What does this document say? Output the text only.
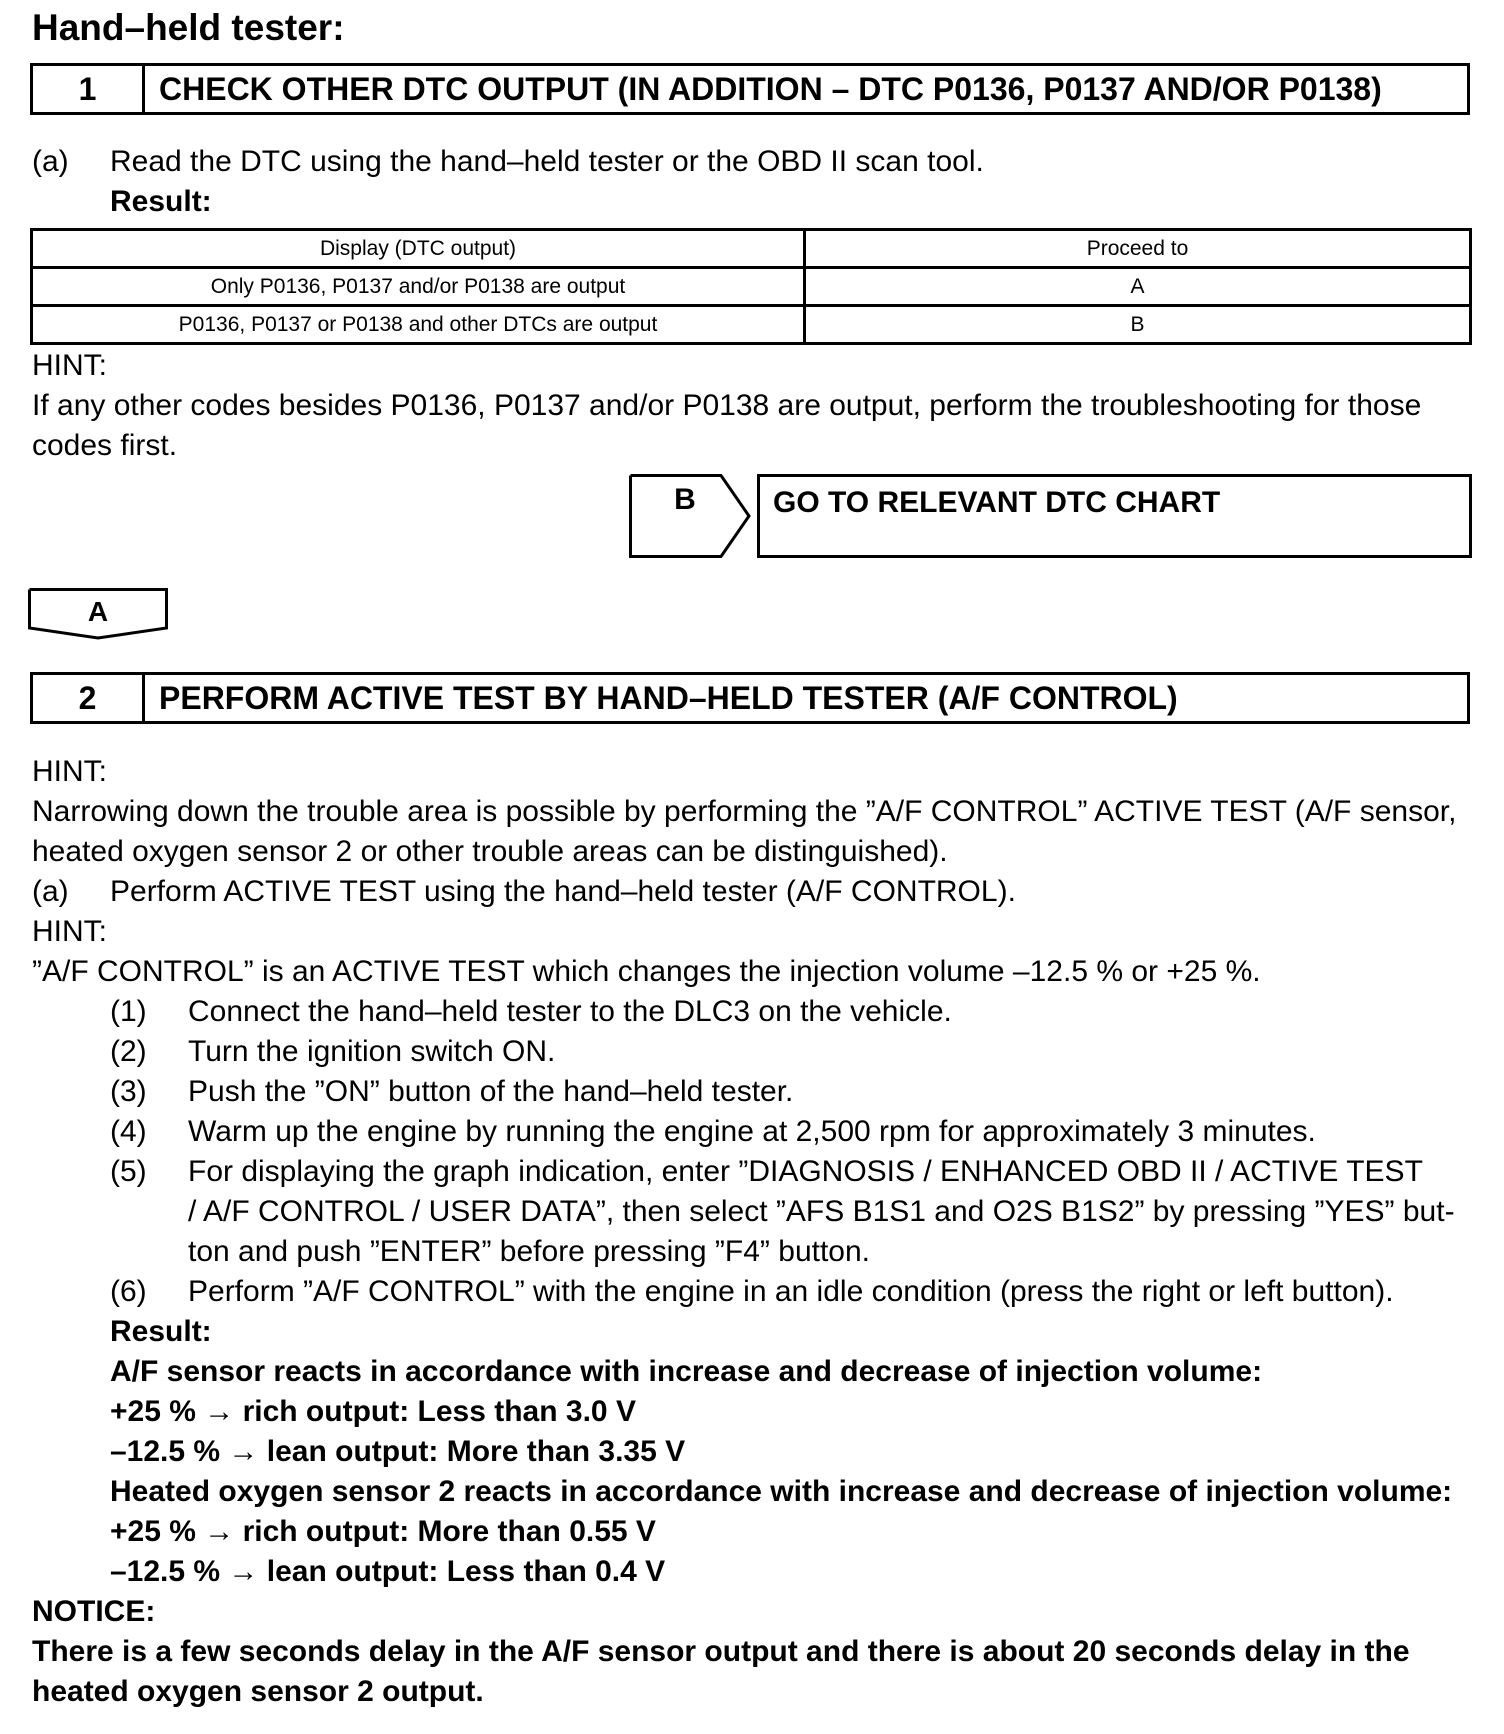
Hand–held tester:
1	CHECK OTHER DTC OUTPUT (IN ADDITION – DTC P0136, P0137 AND/OR P0138)
(a) Read the DTC using the hand–held tester or the OBD II scan tool.
Result:
Display (DTC output)	Proceed to
Only P0136, P0137 and/or P0138 are output	A
P0136, P0137 or P0138 and other DTCs are output	B
HINT:
If any other codes besides P0136, P0137 and/or P0138 are output, perform the troubleshooting for those
codes first.
B	GO TO RELEVANT DTC CHART
A
2	PERFORM ACTIVE TEST BY HAND–HELD TESTER (A/F CONTROL)
HINT:
Narrowing down the trouble area is possible by performing the ”A/F CONTROL” ACTIVE TEST (A/F sensor,
heated oxygen sensor 2 or other trouble areas can be distinguished).
(a) Perform ACTIVE TEST using the hand–held tester (A/F CONTROL).
HINT:
”A/F CONTROL” is an ACTIVE TEST which changes the injection volume –12.5 % or +25 %.
(1) Connect the hand–held tester to the DLC3 on the vehicle.
(2) Turn the ignition switch ON.
(3) Push the ”ON” button of the hand–held tester.
(4) Warm up the engine by running the engine at 2,500 rpm for approximately 3 minutes.
(5) For displaying the graph indication, enter ”DIAGNOSIS / ENHANCED OBD II / ACTIVE TEST
/ A/F CONTROL / USER DATA”, then select ”AFS B1S1 and O2S B1S2” by pressing ”YES” but-
ton and push ”ENTER” before pressing ”F4” button.
(6) Perform ”A/F CONTROL” with the engine in an idle condition (press the right or left button).
Result:
A/F sensor reacts in accordance with increase and decrease of injection volume:
+25 % → rich output: Less than 3.0 V
–12.5 % → lean output: More than 3.35 V
Heated oxygen sensor 2 reacts in accordance with increase and decrease of injection volume:
+25 % → rich output: More than 0.55 V
–12.5 % → lean output: Less than 0.4 V
NOTICE:
There is a few seconds delay in the A/F sensor output and there is about 20 seconds delay in the
heated oxygen sensor 2 output.
